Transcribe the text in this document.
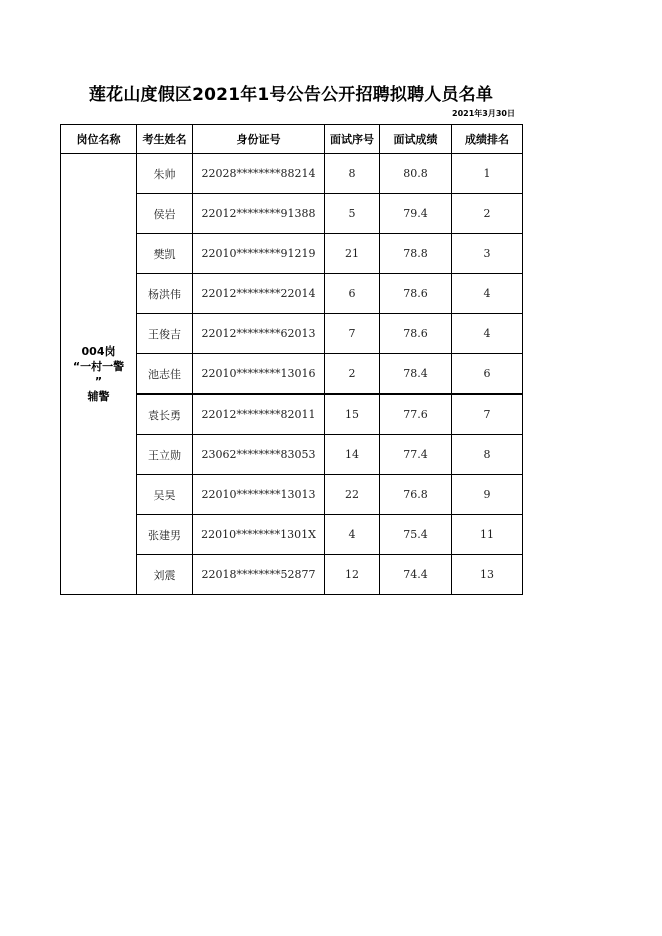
莲花山度假区2021年1号公告公开招聘拟聘人员名单
2021年3月30日
岗位名称	考生姓名	身份证号	面试序号	面试成绩	成绩排名

004岗
“一村一警
”
辅警	朱帅	22028********88214	8	80.8	1
	侯岩	22012********91388	5	79.4	2
	樊凯	22010********91219	21	78.8	3
	杨洪伟	22012********22014	6	78.6	4
	王俊吉	22012********62013	7	78.6	4
	池志佳	22010********13016	2	78.4	6
	袁长勇	22012********82011	15	77.6	7
	王立勋	23062********83053	14	77.4	8
	吴昊	22010********13013	22	76.8	9
	张建男	22010********1301X	4	75.4	11
	刘震	22018********52877	12	74.4	13
